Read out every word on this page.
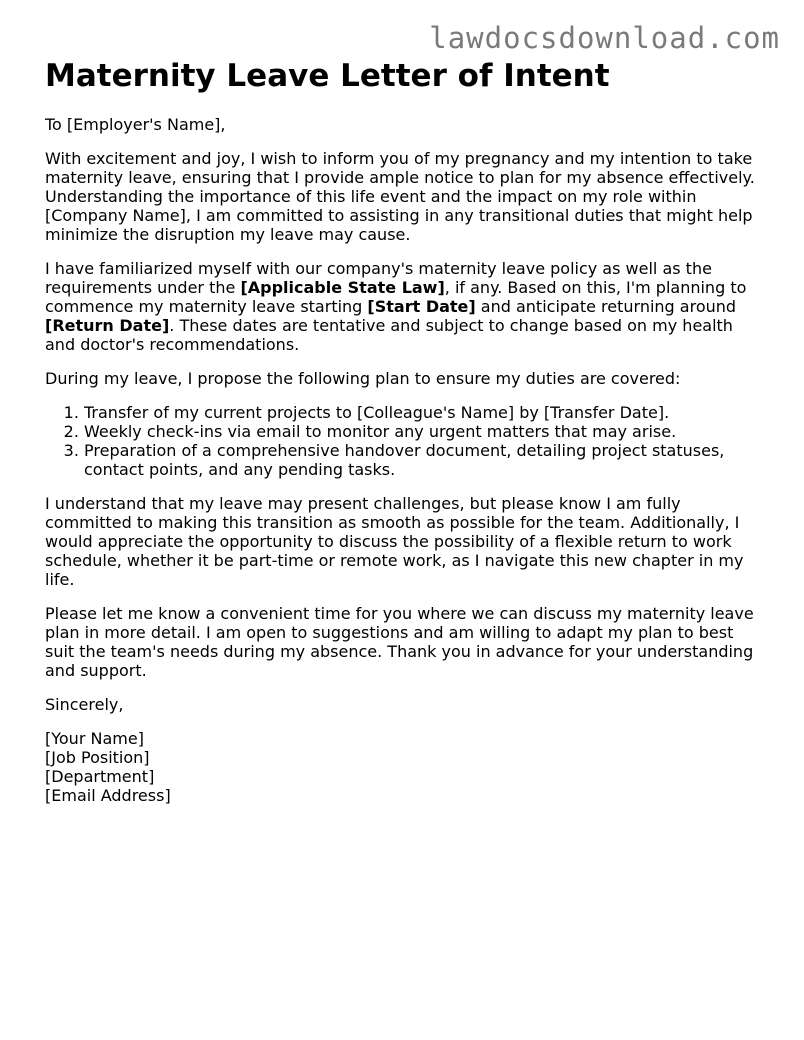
lawdocsdownload.com
Maternity Leave Letter of Intent

To [Employer's Name],

With excitement and joy, I wish to inform you of my pregnancy and my intention to take maternity leave, ensuring that I provide ample notice to plan for my absence effectively. Understanding the importance of this life event and the impact on my role within [Company Name], I am committed to assisting in any transitional duties that might help minimize the disruption my leave may cause.

I have familiarized myself with our company's maternity leave policy as well as the requirements under the [Applicable State Law], if any. Based on this, I'm planning to commence my maternity leave starting [Start Date] and anticipate returning around [Return Date]. These dates are tentative and subject to change based on my health and doctor's recommendations.

During my leave, I propose the following plan to ensure my duties are covered:

1. Transfer of my current projects to [Colleague's Name] by [Transfer Date].
2. Weekly check-ins via email to monitor any urgent matters that may arise.
3. Preparation of a comprehensive handover document, detailing project statuses, contact points, and any pending tasks.

I understand that my leave may present challenges, but please know I am fully committed to making this transition as smooth as possible for the team. Additionally, I would appreciate the opportunity to discuss the possibility of a flexible return to work schedule, whether it be part-time or remote work, as I navigate this new chapter in my life.

Please let me know a convenient time for you where we can discuss my maternity leave plan in more detail. I am open to suggestions and am willing to adapt my plan to best suit the team's needs during my absence. Thank you in advance for your understanding and support.

Sincerely,

[Your Name]
[Job Position]
[Department]
[Email Address]
